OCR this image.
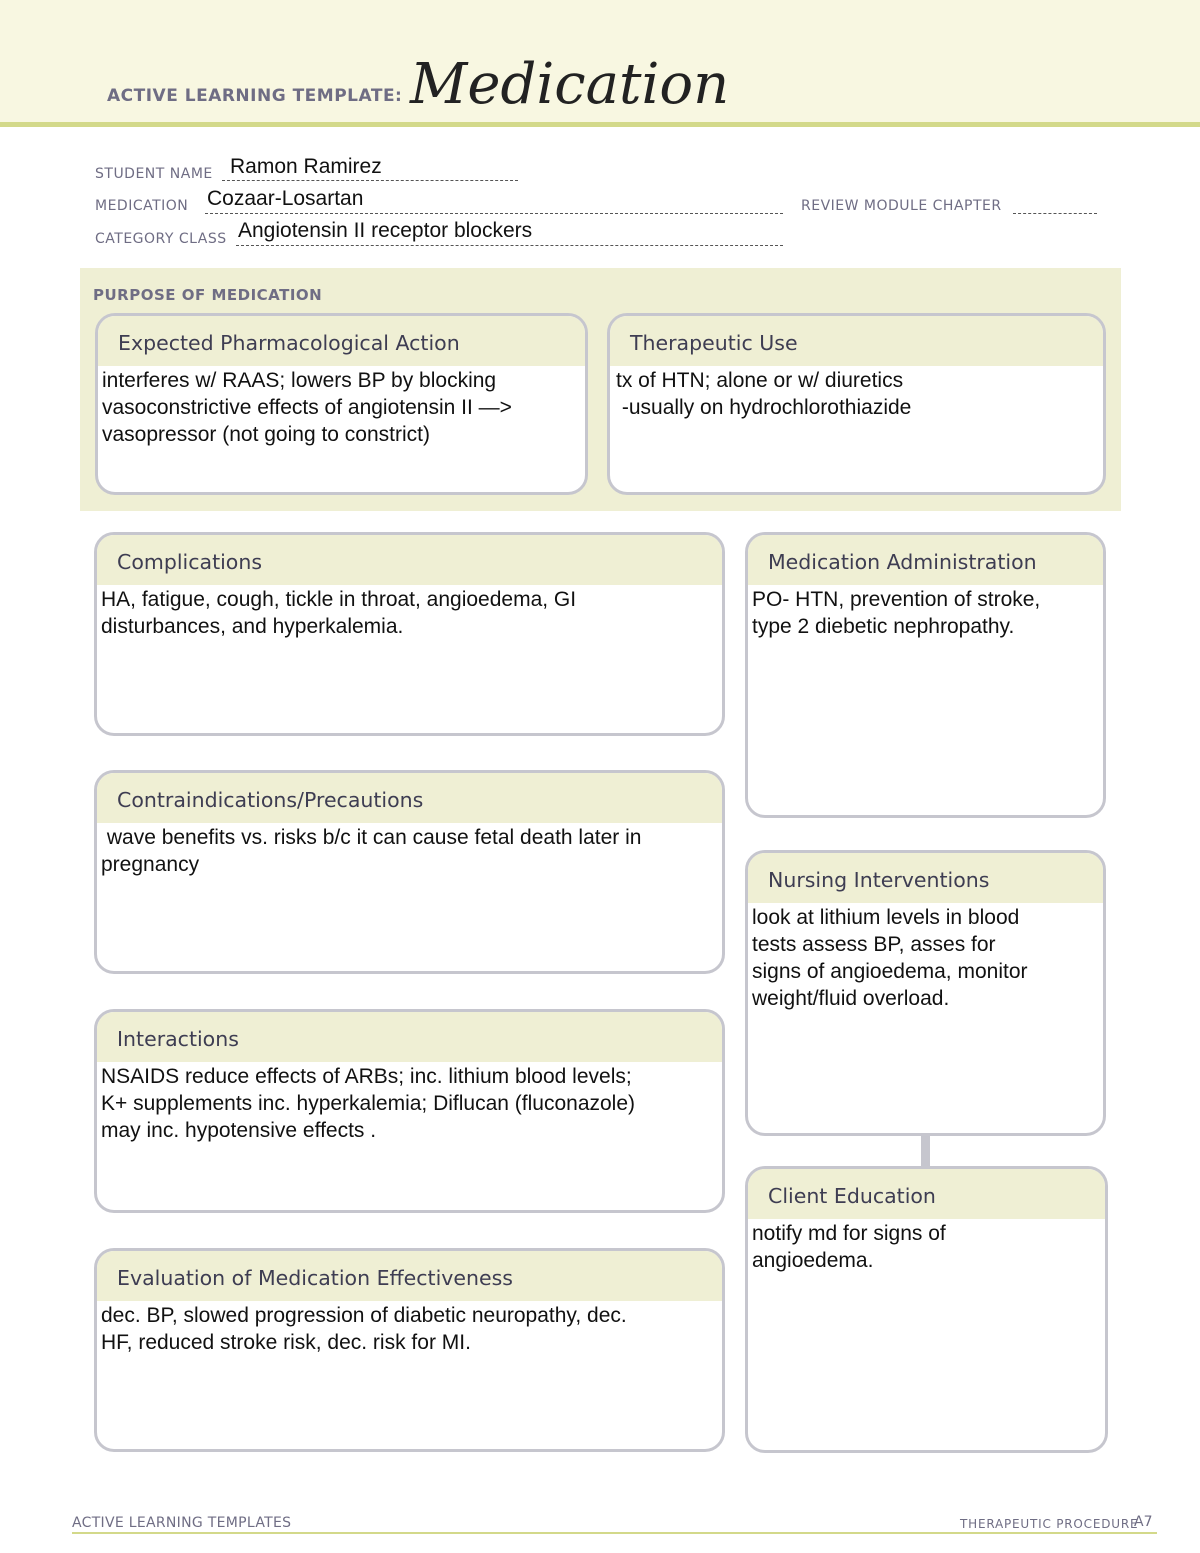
ACTIVE LEARNING TEMPLATE: Medication
STUDENT NAME Ramon Ramirez
MEDICATION Cozaar-Losartan	REVIEW MODULE CHAPTER
CATEGORY CLASS Angiotensin II receptor blockers
PURPOSE OF MEDICATION
Expected Pharmacological Action
interferes w/ RAAS; lowers BP by blocking
vasoconstrictive effects of angiotensin II —>
vasopressor (not going to constrict)
Therapeutic Use
tx of HTN; alone or w/ diuretics
-usually on hydrochlorothiazide
Complications
HA, fatigue, cough, tickle in throat, angioedema, GI
disturbances, and hyperkalemia.
Contraindications/Precautions
wave benefits vs. risks b/c it can cause fetal death later in
pregnancy
Interactions
NSAIDS reduce effects of ARBs; inc. lithium blood levels;
K+ supplements inc. hyperkalemia; Diflucan (fluconazole)
may inc. hypotensive effects .
Evaluation of Medication Effectiveness
dec. BP, slowed progression of diabetic neuropathy, dec.
HF, reduced stroke risk, dec. risk for MI.
Medication Administration
PO- HTN, prevention of stroke,
type 2 diebetic nephropathy.
Nursing Interventions
look at lithium levels in blood
tests assess BP, asses for
signs of angioedema, monitor
weight/fluid overload.
Client Education
notify md for signs of
angioedema.
ACTIVE LEARNING TEMPLATES	THERAPEUTIC PROCEDURE
A7
